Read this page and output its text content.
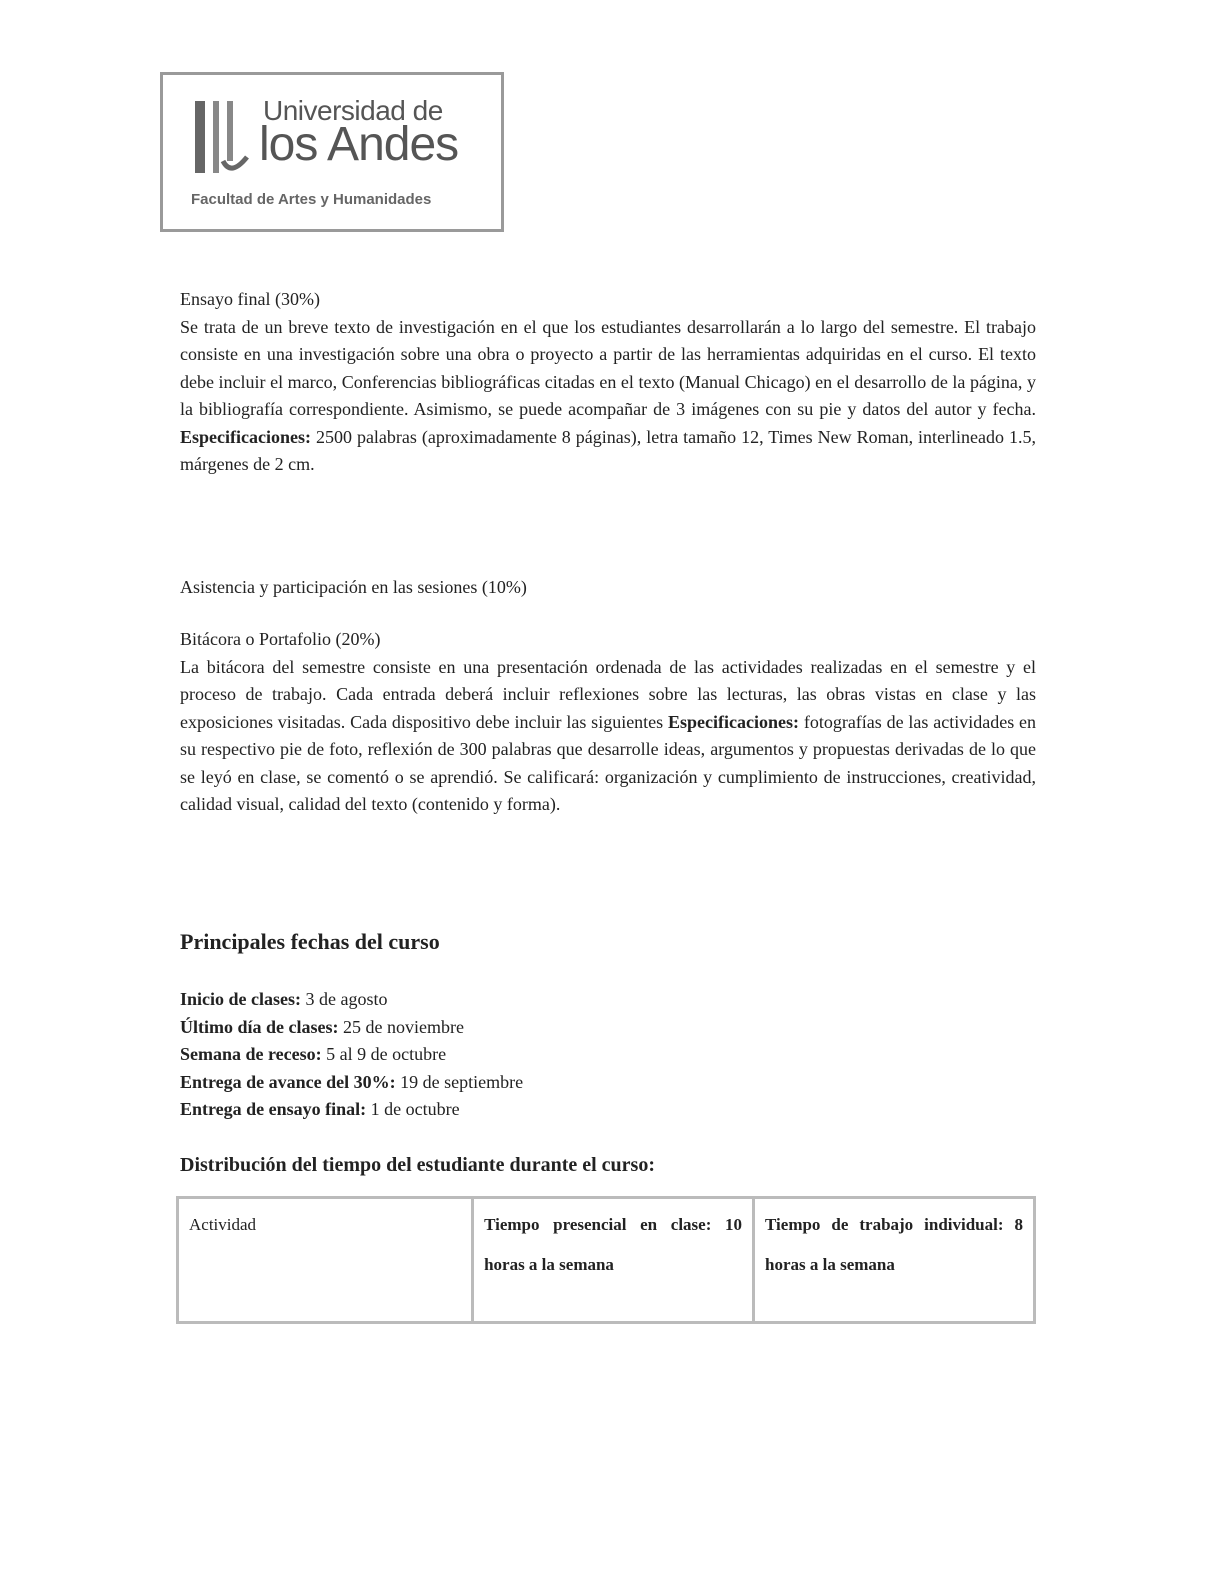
Universidad de
los Andes
Facultad de Artes y Humanidades
Ensayo final (30%)
Se trata de un breve texto de investigación en el que los estudiantes desarrollarán a lo largo del semestre. El trabajo consiste en una investigación sobre una obra o proyecto a partir de las herramientas adquiridas en el curso. El texto debe incluir el marco, Conferencias bibliográficas citadas en el texto (Manual Chicago) en el desarrollo de la página, y la bibliografía correspondiente. Asimismo, se puede acompañar de 3 imágenes con su pie y datos del autor y fecha. Especificaciones: 2500 palabras (aproximadamente 8 páginas), letra tamaño 12, Times New Roman, interlineado 1.5, márgenes de 2 cm.
Asistencia y participación en las sesiones (10%)
Bitácora o Portafolio (20%)
La bitácora del semestre consiste en una presentación ordenada de las actividades realizadas en el semestre y el proceso de trabajo. Cada entrada deberá incluir reflexiones sobre las lecturas, las obras vistas en clase y las exposiciones visitadas. Cada dispositivo debe incluir las siguientes Especificaciones: fotografías de las actividades en su respectivo pie de foto, reflexión de 300 palabras que desarrolle ideas, argumentos y propuestas derivadas de lo que se leyó en clase, se comentó o se aprendió. Se calificará: organización y cumplimiento de instrucciones, creatividad, calidad visual, calidad del texto (contenido y forma).
Principales fechas del curso
Inicio de clases: 3 de agosto
Último día de clases: 25 de noviembre
Semana de receso: 5 al 9 de octubre
Entrega de avance del 30%: 19 de septiembre
Entrega de ensayo final: 1 de octubre
Distribución del tiempo del estudiante durante el curso:
Actividad	Tiempo presencial en clase: 10 horas a la semana	Tiempo de trabajo individual: 8 horas a la semana
